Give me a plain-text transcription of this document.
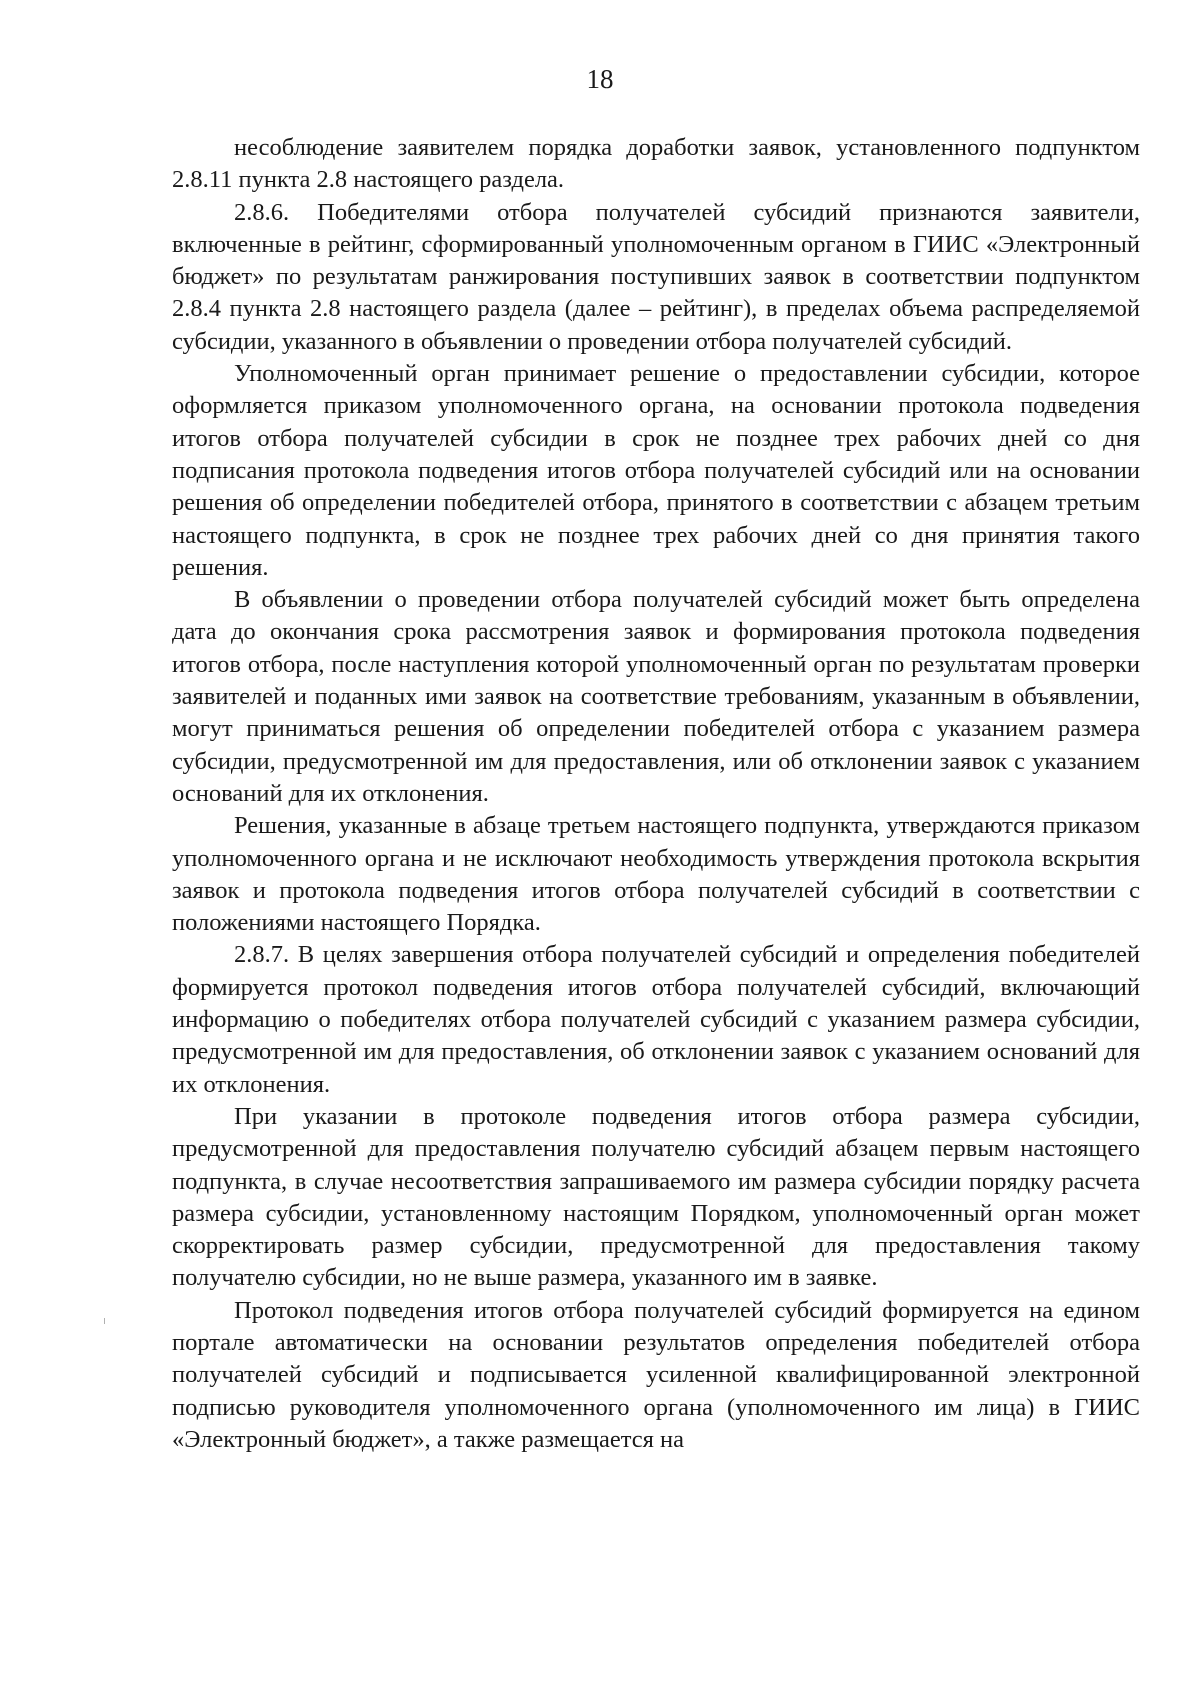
18

несоблюдение заявителем порядка доработки заявок, установленного подпунктом 2.8.11 пункта 2.8 настоящего раздела.

2.8.6. Победителями отбора получателей субсидий признаются заявители, включенные в рейтинг, сформированный уполномоченным органом в ГИИС «Электронный бюджет» по результатам ранжирования поступивших заявок в соответствии подпунктом 2.8.4 пункта 2.8 настоящего раздела (далее – рейтинг), в пределах объема распределяемой субсидии, указанного в объявлении о проведении отбора получателей субсидий.

Уполномоченный орган принимает решение о предоставлении субсидии, которое оформляется приказом уполномоченного органа, на основании протокола подведения итогов отбора получателей субсидии в срок не позднее трех рабочих дней со дня подписания протокола подведения итогов отбора получателей субсидий или на основании решения об определении победителей отбора, принятого в соответствии с абзацем третьим настоящего подпункта, в срок не позднее трех рабочих дней со дня принятия такого решения.

В объявлении о проведении отбора получателей субсидий может быть определена дата до окончания срока рассмотрения заявок и формирования протокола подведения итогов отбора, после наступления которой уполномоченный орган по результатам проверки заявителей и поданных ими заявок на соответствие требованиям, указанным в объявлении, могут приниматься решения об определении победителей отбора с указанием размера субсидии, предусмотренной им для предоставления, или об отклонении заявок с указанием оснований для их отклонения.

Решения, указанные в абзаце третьем настоящего подпункта, утверждаются приказом уполномоченного органа и не исключают необходимость утверждения протокола вскрытия заявок и протокола подведения итогов отбора получателей субсидий в соответствии с положениями настоящего Порядка.

2.8.7. В целях завершения отбора получателей субсидий и определения победителей формируется протокол подведения итогов отбора получателей субсидий, включающий информацию о победителях отбора получателей субсидий с указанием размера субсидии, предусмотренной им для предоставления, об отклонении заявок с указанием оснований для их отклонения.

При указании в протоколе подведения итогов отбора размера субсидии, предусмотренной для предоставления получателю субсидий абзацем первым настоящего подпункта, в случае несоответствия запрашиваемого им размера субсидии порядку расчета размера субсидии, установленному настоящим Порядком, уполномоченный орган может скорректировать размер субсидии, предусмотренной для предоставления такому получателю субсидии, но не выше размера, указанного им в заявке.

Протокол подведения итогов отбора получателей субсидий формируется на едином портале автоматически на основании результатов определения победителей отбора получателей субсидий и подписывается усиленной квалифицированной электронной подписью руководителя уполномоченного органа (уполномоченного им лица) в ГИИС «Электронный бюджет», а также размещается на
